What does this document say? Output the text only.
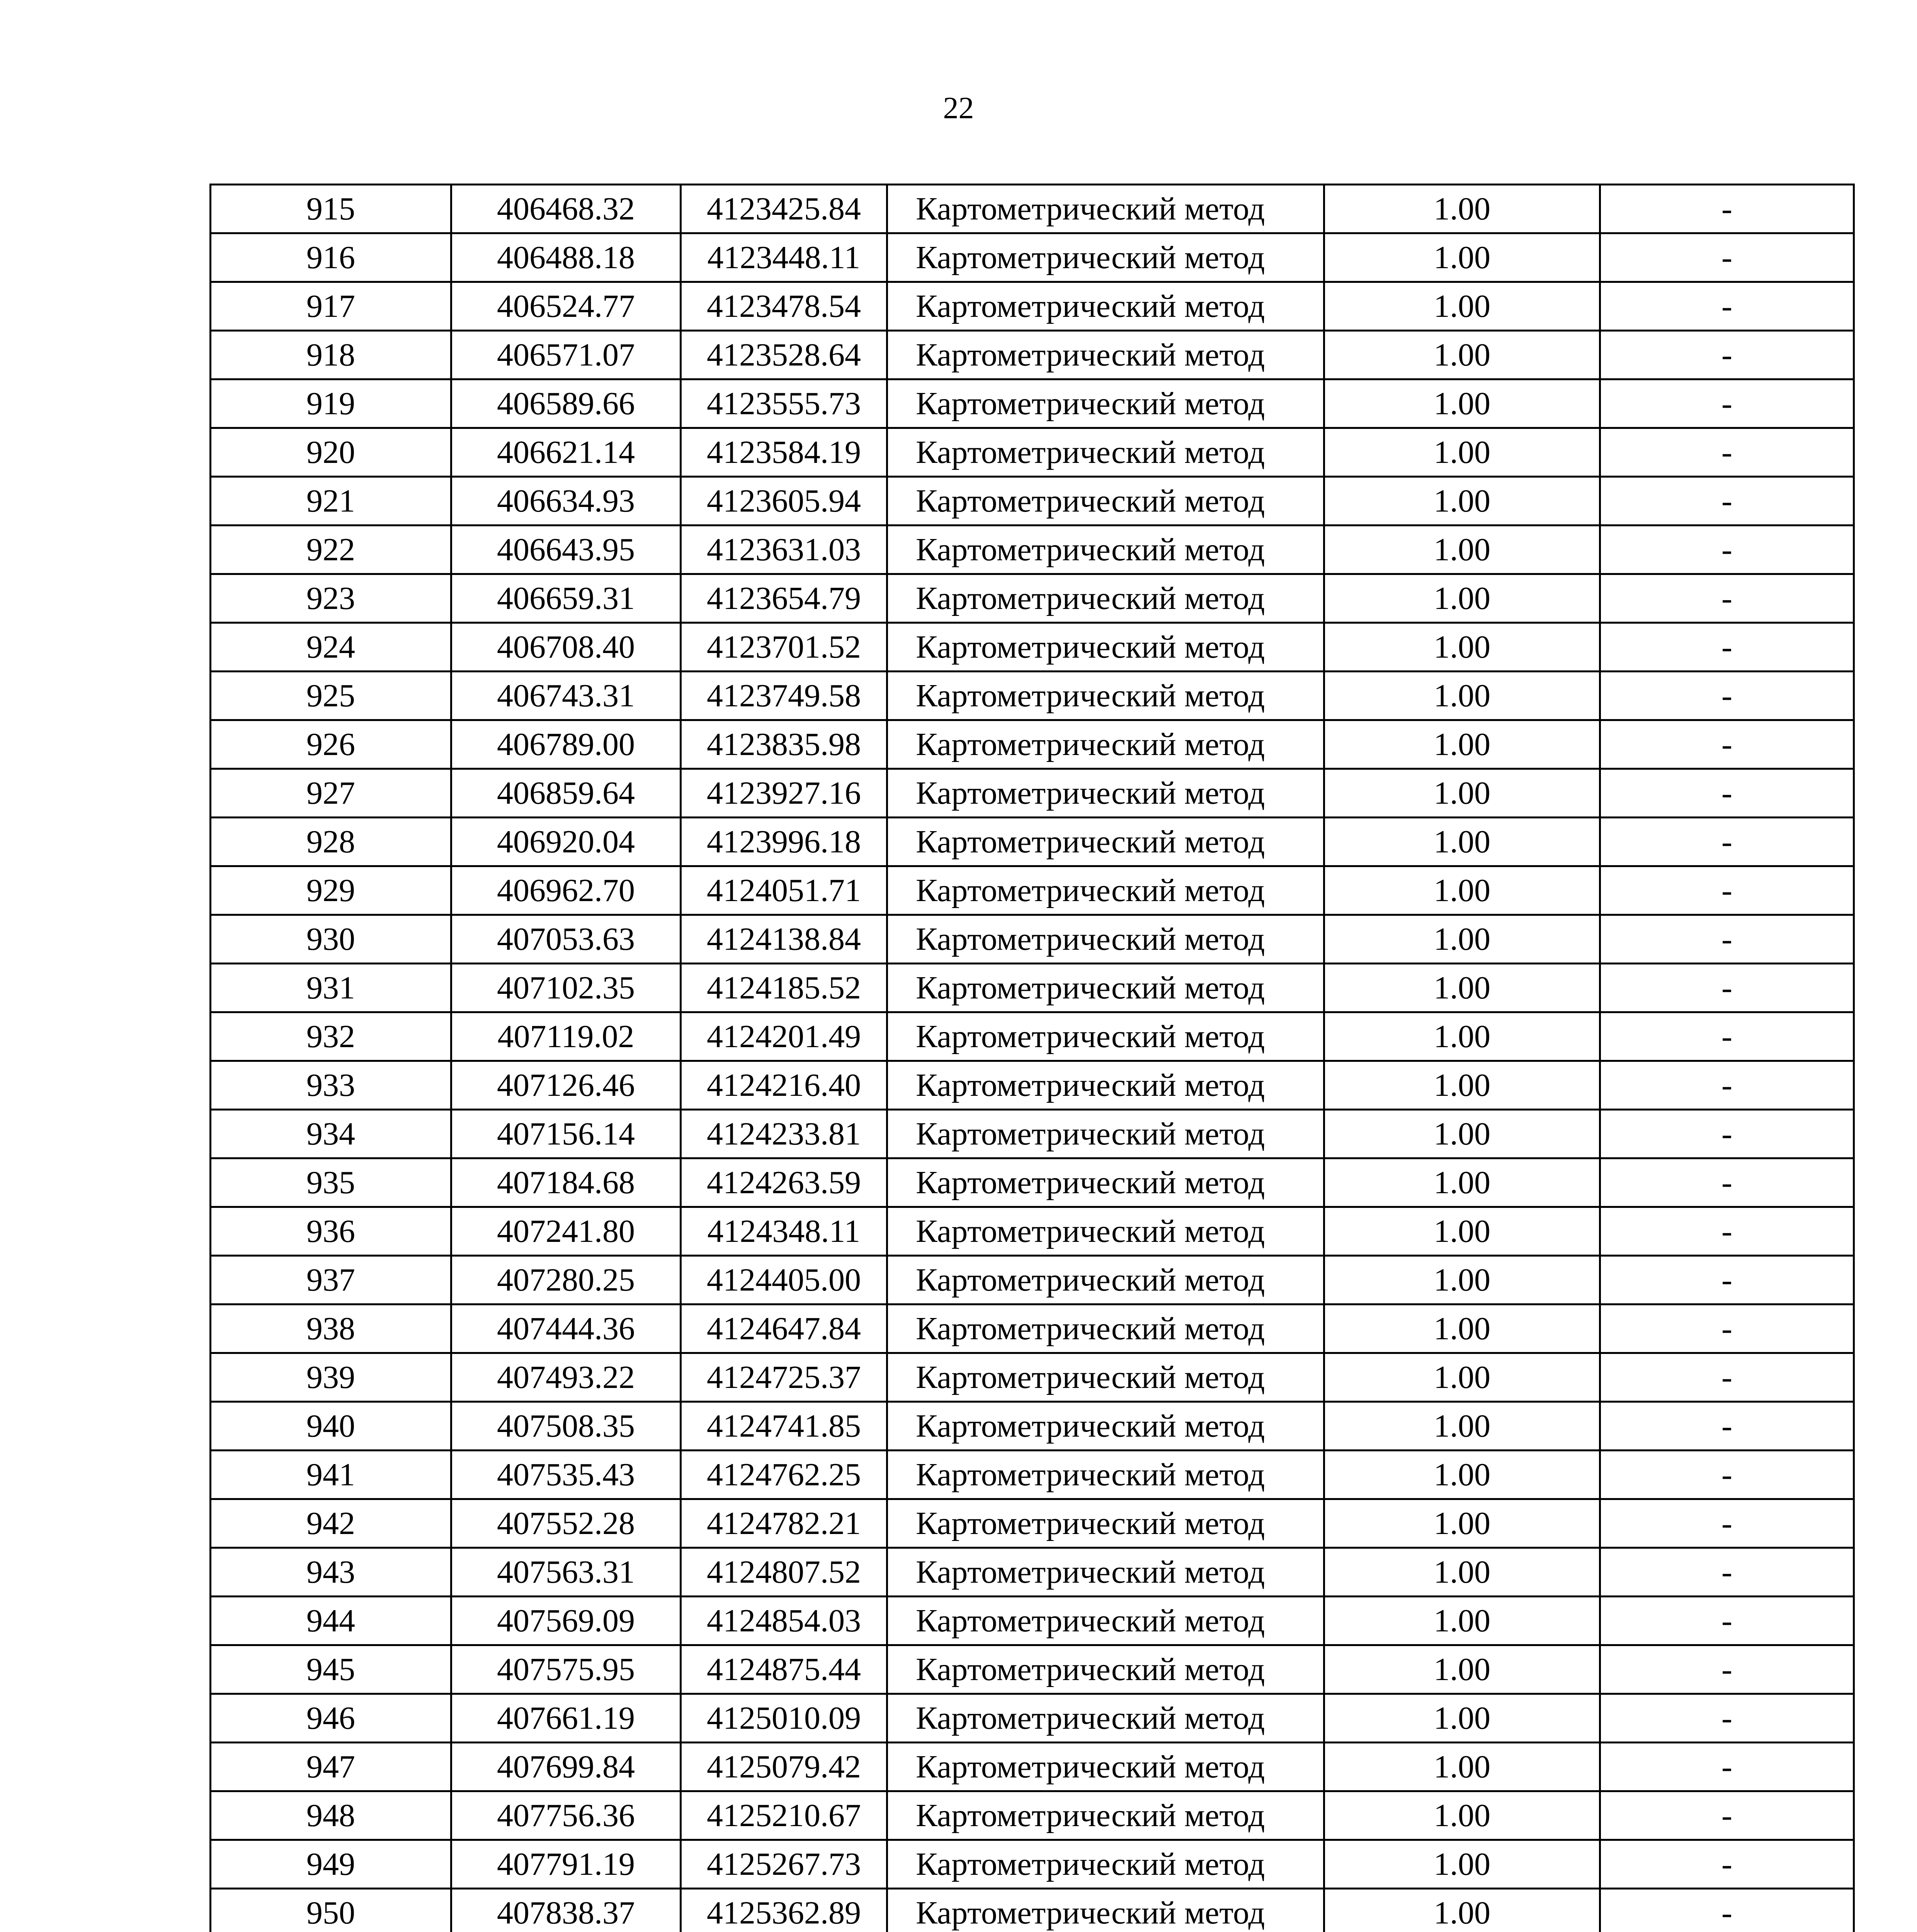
22
915	406468.32	4123425.84	Картометрический метод	1.00	-
916	406488.18	4123448.11	Картометрический метод	1.00	-
917	406524.77	4123478.54	Картометрический метод	1.00	-
918	406571.07	4123528.64	Картометрический метод	1.00	-
919	406589.66	4123555.73	Картометрический метод	1.00	-
920	406621.14	4123584.19	Картометрический метод	1.00	-
921	406634.93	4123605.94	Картометрический метод	1.00	-
922	406643.95	4123631.03	Картометрический метод	1.00	-
923	406659.31	4123654.79	Картометрический метод	1.00	-
924	406708.40	4123701.52	Картометрический метод	1.00	-
925	406743.31	4123749.58	Картометрический метод	1.00	-
926	406789.00	4123835.98	Картометрический метод	1.00	-
927	406859.64	4123927.16	Картометрический метод	1.00	-
928	406920.04	4123996.18	Картометрический метод	1.00	-
929	406962.70	4124051.71	Картометрический метод	1.00	-
930	407053.63	4124138.84	Картометрический метод	1.00	-
931	407102.35	4124185.52	Картометрический метод	1.00	-
932	407119.02	4124201.49	Картометрический метод	1.00	-
933	407126.46	4124216.40	Картометрический метод	1.00	-
934	407156.14	4124233.81	Картометрический метод	1.00	-
935	407184.68	4124263.59	Картометрический метод	1.00	-
936	407241.80	4124348.11	Картометрический метод	1.00	-
937	407280.25	4124405.00	Картометрический метод	1.00	-
938	407444.36	4124647.84	Картометрический метод	1.00	-
939	407493.22	4124725.37	Картометрический метод	1.00	-
940	407508.35	4124741.85	Картометрический метод	1.00	-
941	407535.43	4124762.25	Картометрический метод	1.00	-
942	407552.28	4124782.21	Картометрический метод	1.00	-
943	407563.31	4124807.52	Картометрический метод	1.00	-
944	407569.09	4124854.03	Картометрический метод	1.00	-
945	407575.95	4124875.44	Картометрический метод	1.00	-
946	407661.19	4125010.09	Картометрический метод	1.00	-
947	407699.84	4125079.42	Картометрический метод	1.00	-
948	407756.36	4125210.67	Картометрический метод	1.00	-
949	407791.19	4125267.73	Картометрический метод	1.00	-
950	407838.37	4125362.89	Картометрический метод	1.00	-
